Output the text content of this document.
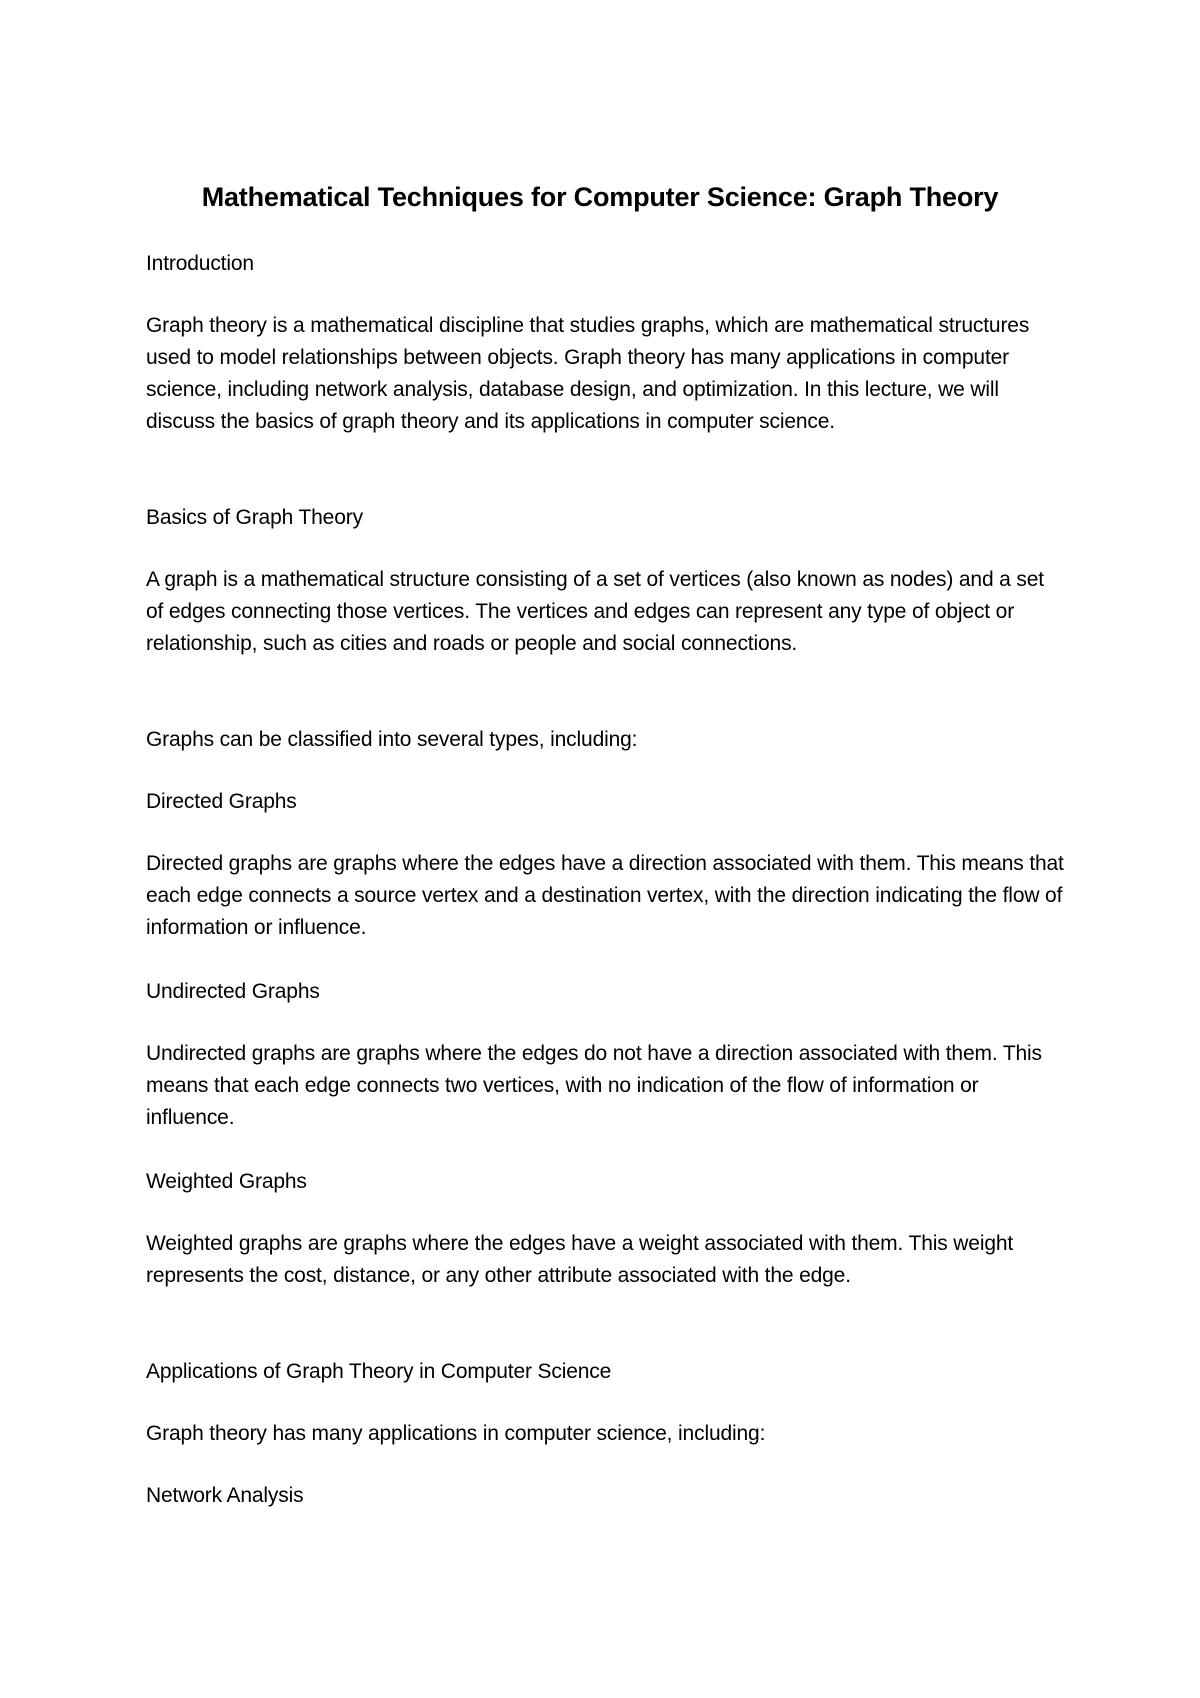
Mathematical Techniques for Computer Science: Graph Theory

Introduction

Graph theory is a mathematical discipline that studies graphs, which are mathematical structures used to model relationships between objects. Graph theory has many applications in computer science, including network analysis, database design, and optimization. In this lecture, we will discuss the basics of graph theory and its applications in computer science.

Basics of Graph Theory

A graph is a mathematical structure consisting of a set of vertices (also known as nodes) and a set of edges connecting those vertices. The vertices and edges can represent any type of object or relationship, such as cities and roads or people and social connections.

Graphs can be classified into several types, including:

Directed Graphs

Directed graphs are graphs where the edges have a direction associated with them. This means that each edge connects a source vertex and a destination vertex, with the direction indicating the flow of information or influence.

Undirected Graphs

Undirected graphs are graphs where the edges do not have a direction associated with them. This means that each edge connects two vertices, with no indication of the flow of information or influence.

Weighted Graphs

Weighted graphs are graphs where the edges have a weight associated with them. This weight represents the cost, distance, or any other attribute associated with the edge.

Applications of Graph Theory in Computer Science

Graph theory has many applications in computer science, including:

Network Analysis
